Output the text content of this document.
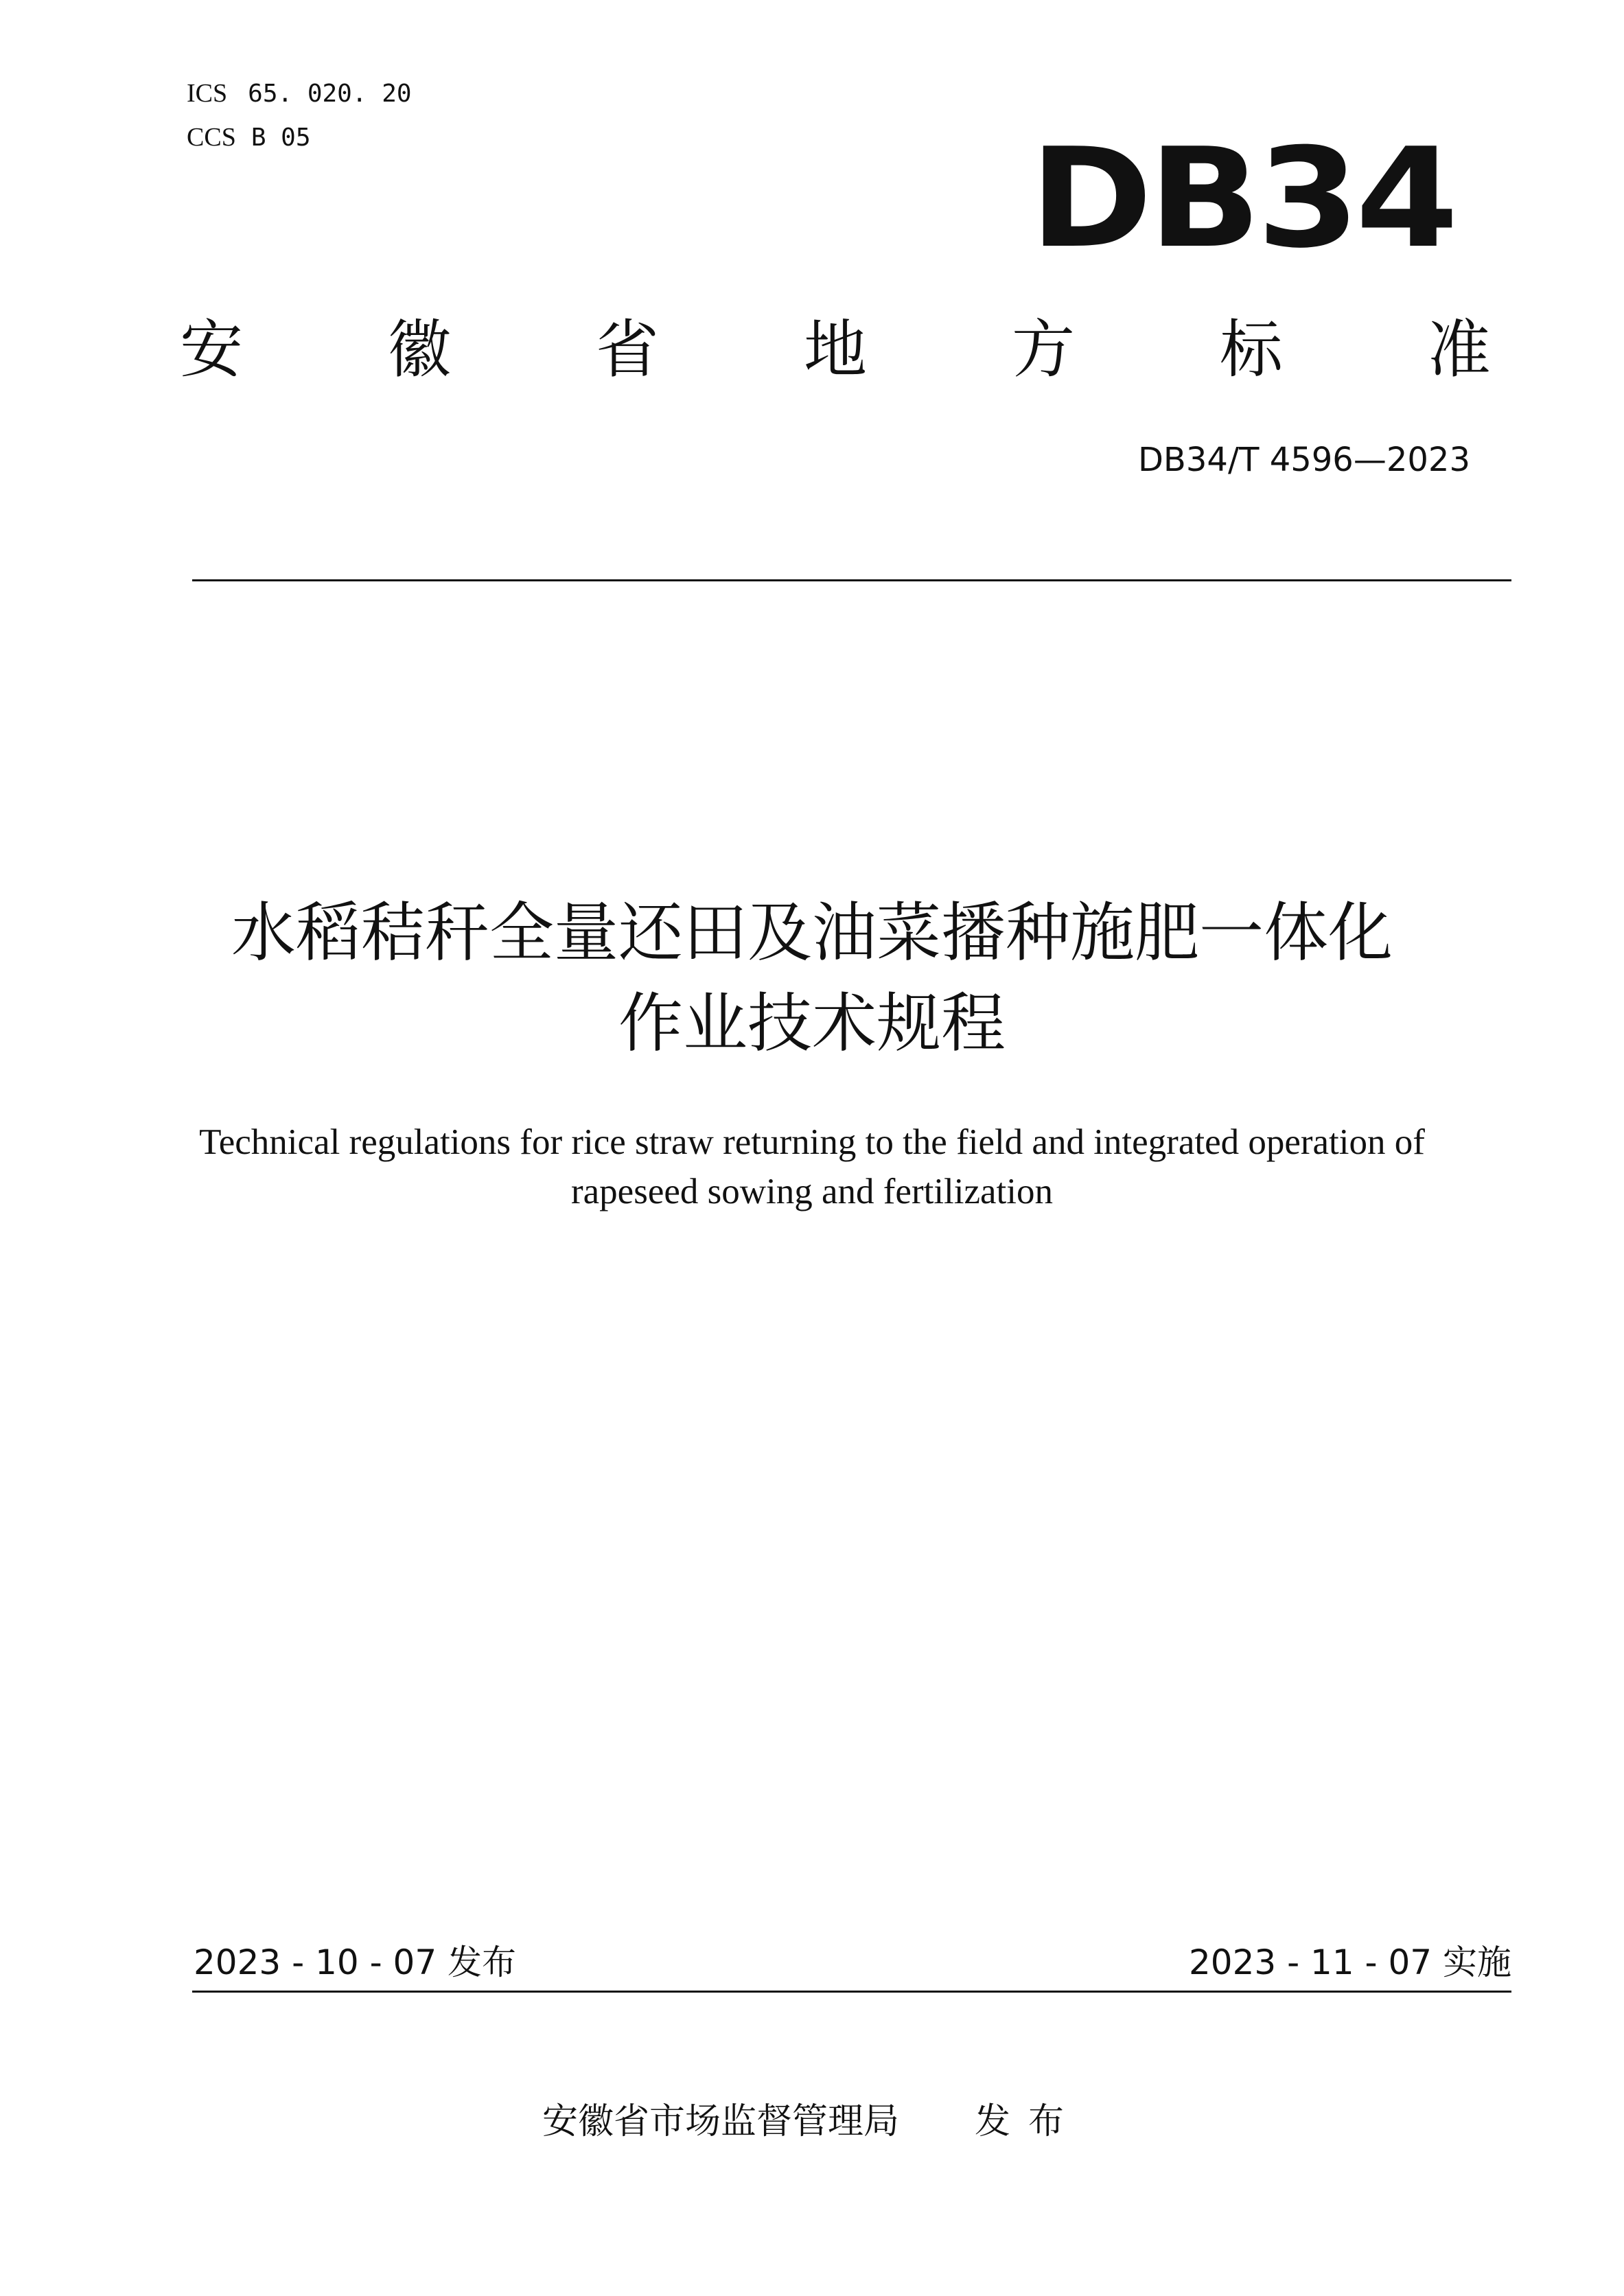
ICS 65. 020. 20
CCS B 05	DB34
安 徽 省 地 方 标 准
DB34/T 4596—2023
水稻秸秆全量还田及油菜播种施肥一体化
作业技术规程
Technical regulations for rice straw returning to the field and integrated operation of
rapeseed sowing and fertilization
2023 - 10 - 07 发布	2023 - 11 - 07 实施
安徽省市场监督管理局 发布
